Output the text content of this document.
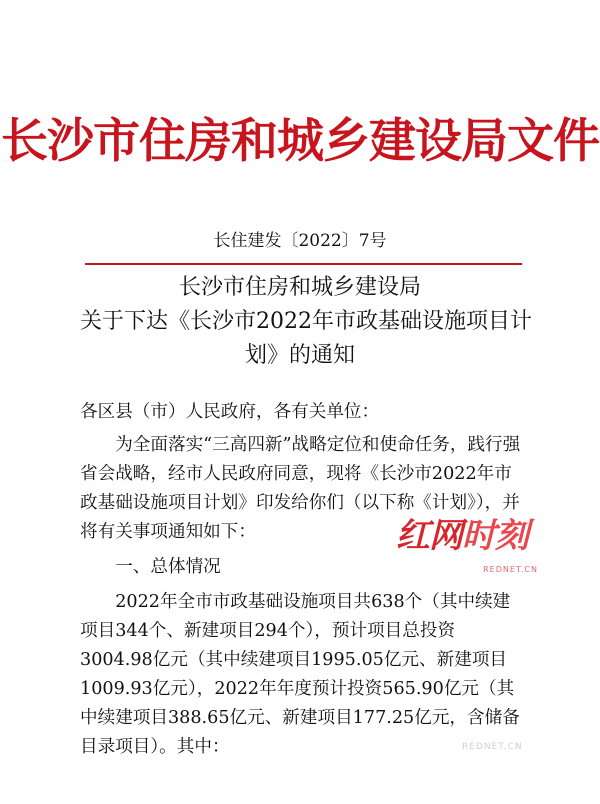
长沙市住房和城乡建设局文件
长住建发〔2022〕7号
长沙市住房和城乡建设局
关于下达《长沙市2022年市政基础设施项目计
划》的通知

各区县（市）人民政府，各有关单位：

为全面落实“三高四新”战略定位和使命任务，践行强省会战略，经市人民政府同意，现将《长沙市2022年市政基础设施项目计划》印发给你们（以下称《计划》），并将有关事项通知如下：

一、总体情况

2022年全市市政基础设施项目共638个（其中续建项目344个、新建项目294个），预计项目总投资3004.98亿元（其中续建项目1995.05亿元、新建项目1009.93亿元），2022年年度预计投资565.90亿元（其中续建项目388.65亿元、新建项目177.25亿元，含储备目录项目）。其中：

红网时刻
REDNET.CN
REDNET.CN
